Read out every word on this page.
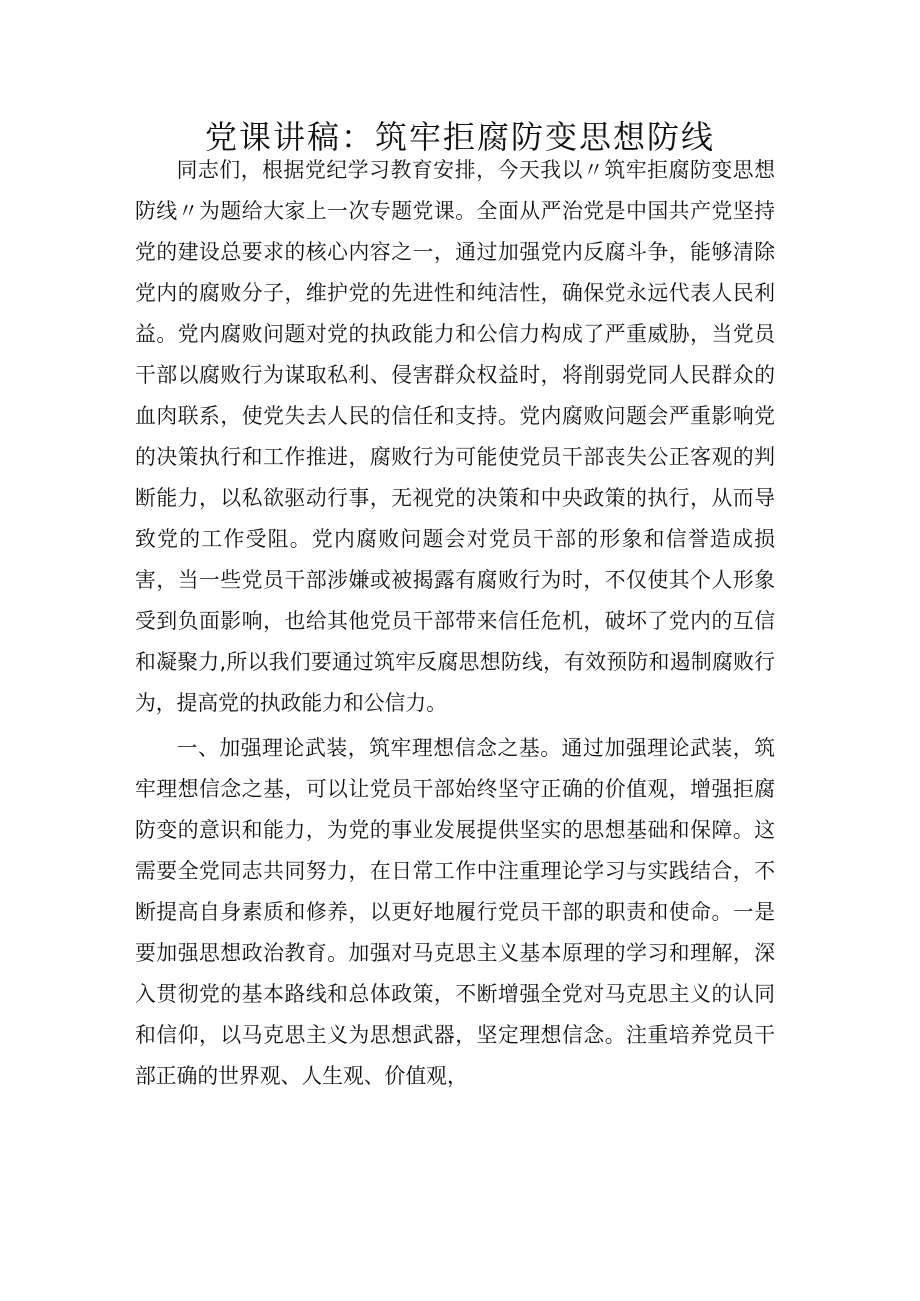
党课讲稿：筑牢拒腐防变思想防线

同志们，根据党纪学习教育安排，今天我以〃筑牢拒腐防变思想防线〃为题给大家上一次专题党课。全面从严治党是中国共产党坚持党的建设总要求的核心内容之一，通过加强党内反腐斗争，能够清除党内的腐败分子，维护党的先进性和纯洁性，确保党永远代表人民利益。党内腐败问题对党的执政能力和公信力构成了严重威胁，当党员干部以腐败行为谋取私利、侵害群众权益时，将削弱党同人民群众的血肉联系，使党失去人民的信任和支持。党内腐败问题会严重影响党的决策执行和工作推进，腐败行为可能使党员干部丧失公正客观的判断能力，以私欲驱动行事，无视党的决策和中央政策的执行，从而导致党的工作受阻。党内腐败问题会对党员干部的形象和信誉造成损害，当一些党员干部涉嫌或被揭露有腐败行为时，不仅使其个人形象受到负面影响，也给其他党员干部带来信任危机，破坏了党内的互信和凝聚力,所以我们要通过筑牢反腐思想防线，有效预防和遏制腐败行为，提高党的执政能力和公信力。

一、加强理论武装，筑牢理想信念之基。通过加强理论武装，筑牢理想信念之基，可以让党员干部始终坚守正确的价值观，增强拒腐防变的意识和能力，为党的事业发展提供坚实的思想基础和保障。这需要全党同志共同努力，在日常工作中注重理论学习与实践结合，不断提高自身素质和修养，以更好地履行党员干部的职责和使命。一是要加强思想政治教育。加强对马克思主义基本原理的学习和理解，深入贯彻党的基本路线和总体政策，不断增强全党对马克思主义的认同和信仰，以马克思主义为思想武器，坚定理想信念。注重培养党员干部正确的世界观、人生观、价值观，
